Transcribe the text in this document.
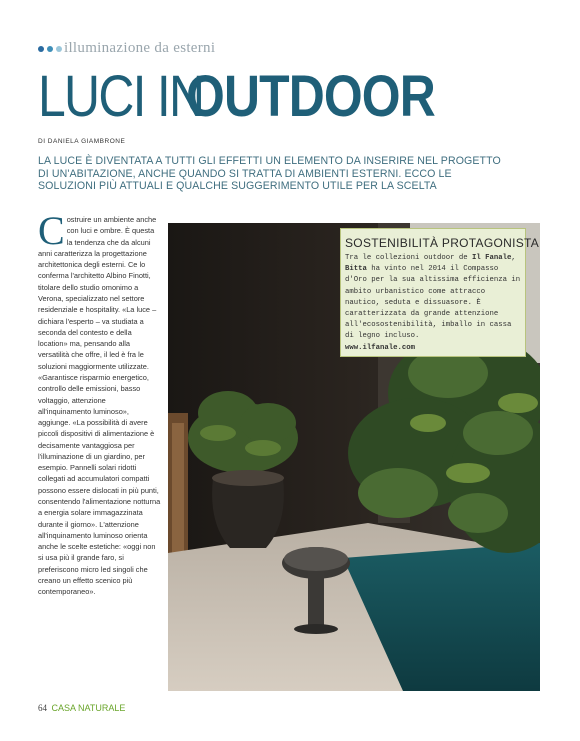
illuminazione da esterni
LUCI IN
OUTDOOR
DI DANIELA GIAMBRONE
LA LUCE È DIVENTATA A TUTTI GLI EFFETTI UN ELEMENTO DA INSERIRE NEL PROGETTO DI UN'ABITAZIONE, ANCHE QUANDO SI TRATTA DI AMBIENTI ESTERNI. ECCO LE SOLUZIONI PIÙ ATTUALI E QUALCHE SUGGERIMENTO UTILE PER LA SCELTA
C ostruire un ambiente anche con luci e ombre. È questa la tendenza che da alcuni anni caratterizza la progettazione architettonica degli esterni. Ce lo conferma l'architetto Albino Finotti, titolare dello studio omonimo a Verona, specializzato nel settore residenziale e hospitality. «La luce – dichiara l'esperto – va studiata a seconda del contesto e della location» ma, pensando alla versatilità che offre, il led è fra le soluzioni maggiormente utilizzate. «Garantisce risparmio energetico, controllo delle emissioni, basso voltaggio, attenzione all'inquinamento luminoso», aggiunge. «La possibilità di avere piccoli dispositivi di alimentazione è decisamente vantaggiosa per l'illuminazione di un giardino, per esempio. Pannelli solari ridotti collegati ad accumulatori compatti possono essere dislocati in più punti, consentendo l'alimentazione notturna a energia solare immagazzinata durante il giorno». L'attenzione all'inquinamento luminoso orienta anche le scelte estetiche: «oggi non si usa più il grande faro, si preferiscono micro led singoli che creano un effetto scenico più contemporaneo».

SOSTENIBILITÀ PROTAGONISTA
Tra le collezioni outdoor de Il Fanale, Bitta ha vinto nel 2014 il Compasso d'Oro per la sua altissima efficienza in ambito urbanistico come attracco nautico, seduta e dissuasore. È caratterizzata da grande attenzione all'ecosostenibilità, imballo in cassa di legno incluso.
www.ilfanale.com
64 CASA NATURALE
